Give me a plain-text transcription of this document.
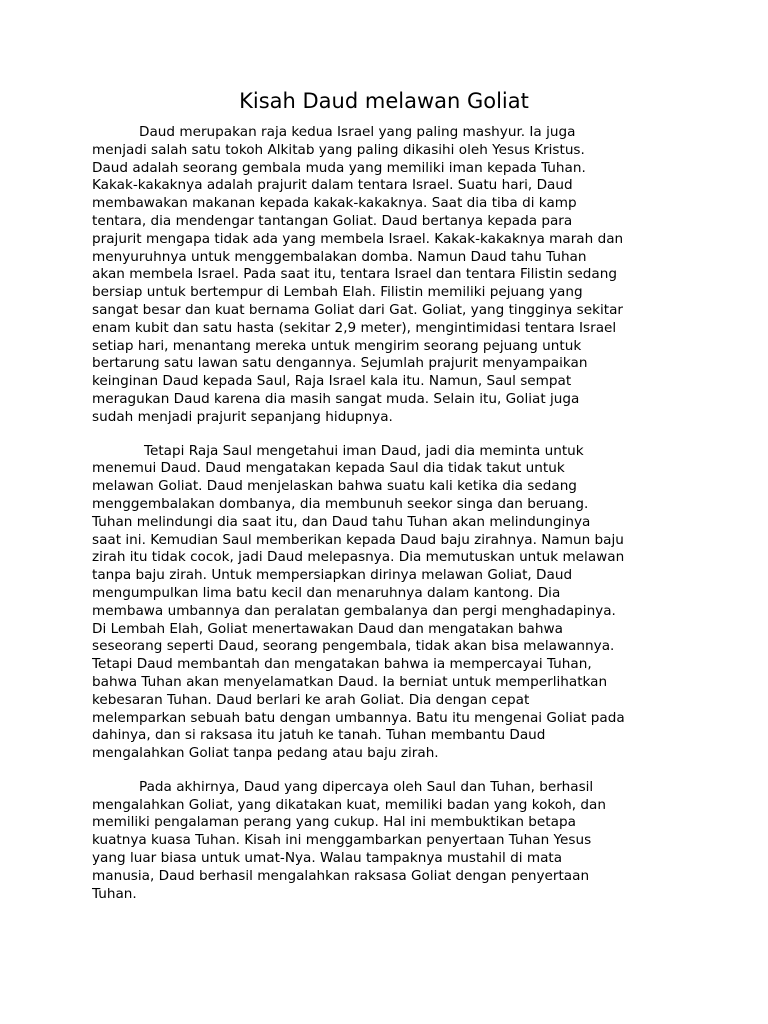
Kisah Daud melawan Goliat

Daud merupakan raja kedua Israel yang paling mashyur. Ia juga
menjadi salah satu tokoh Alkitab yang paling dikasihi oleh Yesus Kristus.
Daud adalah seorang gembala muda yang memiliki iman kepada Tuhan.
Kakak-kakaknya adalah prajurit dalam tentara Israel. Suatu hari, Daud
membawakan makanan kepada kakak-kakaknya. Saat dia tiba di kamp
tentara, dia mendengar tantangan Goliat. Daud bertanya kepada para
prajurit mengapa tidak ada yang membela Israel. Kakak-kakaknya marah dan
menyuruhnya untuk menggembalakan domba. Namun Daud tahu Tuhan
akan membela Israel. Pada saat itu, tentara Israel dan tentara Filistin sedang
bersiap untuk bertempur di Lembah Elah. Filistin memiliki pejuang yang
sangat besar dan kuat bernama Goliat dari Gat. Goliat, yang tingginya sekitar
enam kubit dan satu hasta (sekitar 2,9 meter), mengintimidasi tentara Israel
setiap hari, menantang mereka untuk mengirim seorang pejuang untuk
bertarung satu lawan satu dengannya. Sejumlah prajurit menyampaikan
keinginan Daud kepada Saul, Raja Israel kala itu. Namun, Saul sempat
meragukan Daud karena dia masih sangat muda. Selain itu, Goliat juga
sudah menjadi prajurit sepanjang hidupnya.

Tetapi Raja Saul mengetahui iman Daud, jadi dia meminta untuk
menemui Daud. Daud mengatakan kepada Saul dia tidak takut untuk
melawan Goliat. Daud menjelaskan bahwa suatu kali ketika dia sedang
menggembalakan dombanya, dia membunuh seekor singa dan beruang.
Tuhan melindungi dia saat itu, dan Daud tahu Tuhan akan melindunginya
saat ini. Kemudian Saul memberikan kepada Daud baju zirahnya. Namun baju
zirah itu tidak cocok, jadi Daud melepasnya. Dia memutuskan untuk melawan
tanpa baju zirah. Untuk mempersiapkan dirinya melawan Goliat, Daud
mengumpulkan lima batu kecil dan menaruhnya dalam kantong. Dia
membawa umbannya dan peralatan gembalanya dan pergi menghadapinya.
Di Lembah Elah, Goliat menertawakan Daud dan mengatakan bahwa
seseorang seperti Daud, seorang pengembala, tidak akan bisa melawannya.
Tetapi Daud membantah dan mengatakan bahwa ia mempercayai Tuhan,
bahwa Tuhan akan menyelamatkan Daud. Ia berniat untuk memperlihatkan
kebesaran Tuhan. Daud berlari ke arah Goliat. Dia dengan cepat
melemparkan sebuah batu dengan umbannya. Batu itu mengenai Goliat pada
dahinya, dan si raksasa itu jatuh ke tanah. Tuhan membantu Daud
mengalahkan Goliat tanpa pedang atau baju zirah.

Pada akhirnya, Daud yang dipercaya oleh Saul dan Tuhan, berhasil
mengalahkan Goliat, yang dikatakan kuat, memiliki badan yang kokoh, dan
memiliki pengalaman perang yang cukup. Hal ini membuktikan betapa
kuatnya kuasa Tuhan. Kisah ini menggambarkan penyertaan Tuhan Yesus
yang luar biasa untuk umat-Nya. Walau tampaknya mustahil di mata
manusia, Daud berhasil mengalahkan raksasa Goliat dengan penyertaan
Tuhan.
